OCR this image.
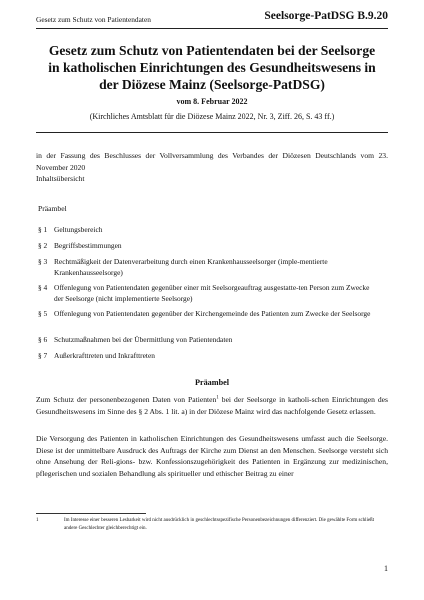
Gesetz zum Schutz von Patientendaten	Seelsorge-PatDSG B.9.20
Gesetz zum Schutz von Patientendaten bei der Seelsorge
in katholischen Einrichtungen des Gesundheitswesens in
der Diözese Mainz (Seelsorge-PatDSG)
vom 8. Februar 2022
(Kirchliches Amtsblatt für die Diözese Mainz 2022, Nr. 3, Ziff. 26, S. 43 ff.)
in der Fassung des Beschlusses der Vollversammlung des Verbandes der Diözesen Deutschlands vom 23. November 2020
Inhaltsübersicht
Präambel
§ 1 Geltungsbereich
§ 2 Begriffsbestimmungen
§ 3 Rechtmäßigkeit der Datenverarbeitung durch einen Krankenhausseelsorger (imple-mentierte Krankenhausseelsorge)
§ 4 Offenlegung von Patientendaten gegenüber einer mit Seelsorgeauftrag ausgestatte-ten Person zum Zwecke der Seelsorge (nicht implementierte Seelsorge)
§ 5 Offenlegung von Patientendaten gegenüber der Kirchengemeinde des Patienten zum Zwecke der Seelsorge
§ 6 Schutzmaßnahmen bei der Übermittlung von Patientendaten
§ 7 Außerkrafttreten und Inkrafttreten
Präambel
Zum Schutz der personenbezogenen Daten von Patienten$^1$ bei der Seelsorge in katholi-schen Einrichtungen des Gesundheitswesens im Sinne des § 2 Abs. 1 lit. a) in der Diözese Mainz wird das nachfolgende Gesetz erlassen.
Die Versorgung des Patienten in katholischen Einrichtungen des Gesundheitswesens umfasst auch die Seelsorge. Diese ist der unmittelbare Ausdruck des Auftrags der Kirche zum Dienst an den Menschen. Seelsorge versteht sich ohne Ansehung der Reli-gions- bzw. Konfessionszugehörigkeit des Patienten in Ergänzung zur medizinischen, pflegerischen und sozialen Behandlung als spiritueller und ethischer Beitrag zu einer
1	Im Interesse einer besseren Lesbarkeit wird nicht ausdrücklich in geschlechtsspezifische Personenbezeichnungen differenziert. Die gewählte Form schließt andere Geschlechter gleichberechtigt ein.
1
